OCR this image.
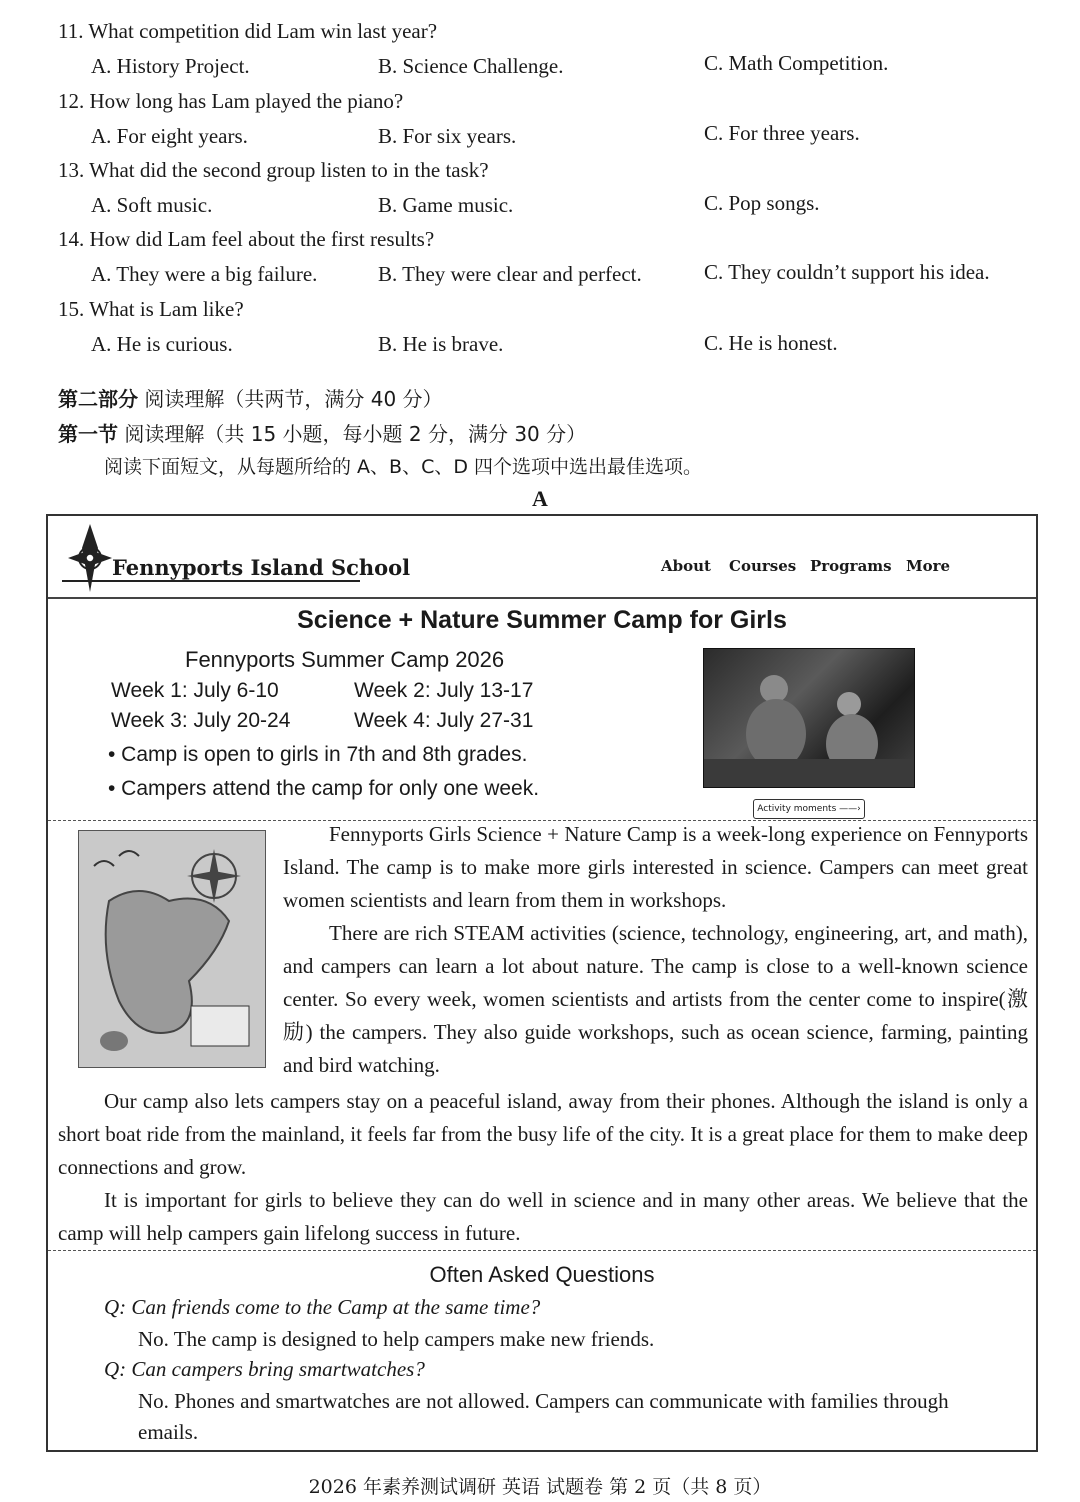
11. What competition did Lam win last year?
A. History Project.	B. Science Challenge.	C. Math Competition.
12. How long has Lam played the piano?
A. For eight years.	B. For six years.	C. For three years.
13. What did the second group listen to in the task?
A. Soft music.	B. Game music.	C. Pop songs.
14. How did Lam feel about the first results?
A. They were a big failure.	B. They were clear and perfect.	C. They couldn’t support his idea.
15. What is Lam like?
A. He is curious.	B. He is brave.	C. He is honest.
第二部分 阅读理解（共两节，满分 40 分）
第一节 阅读理解（共 15 小题，每小题 2 分，满分 30 分）
阅读下面短文，从每题所给的 A、B、C、D 四个选项中选出最佳选项。
A
Fennyports Island School	About Courses Programs More
Science + Nature Summer Camp for Girls
Fennyports Summer Camp 2026
Week 1: July 6-10	Week 2: July 13-17
Week 3: July 20-24	Week 4: July 27-31
• Camp is open to girls in 7th and 8th grades.
• Campers attend the camp for only one week.
Activity moments ——›
Fennyports Girls Science + Nature Camp is a week-long experience on Fennyports Island. The camp is to make more girls interested in science. Campers can meet great women scientists and learn from them in workshops.
There are rich STEAM activities (science, technology, engineering, art, and math), and campers can learn a lot about nature. The camp is close to a well-known science center. So every week, women scientists and artists from the center come to inspire(激励) the campers. They also guide workshops, such as ocean science, farming, painting and bird watching.
Our camp also lets campers stay on a peaceful island, away from their phones. Although the island is only a short boat ride from the mainland, it feels far from the busy life of the city. It is a great place for them to make deep connections and grow.
It is important for girls to believe they can do well in science and in many other areas. We believe that the camp will help campers gain lifelong success in future.
Often Asked Questions
Q: Can friends come to the Camp at the same time?
No. The camp is designed to help campers make new friends.
Q: Can campers bring smartwatches?
No. Phones and smartwatches are not allowed. Campers can communicate with families through emails.
2026 年素养测试调研 英语 试题卷 第 2 页（共 8 页）
